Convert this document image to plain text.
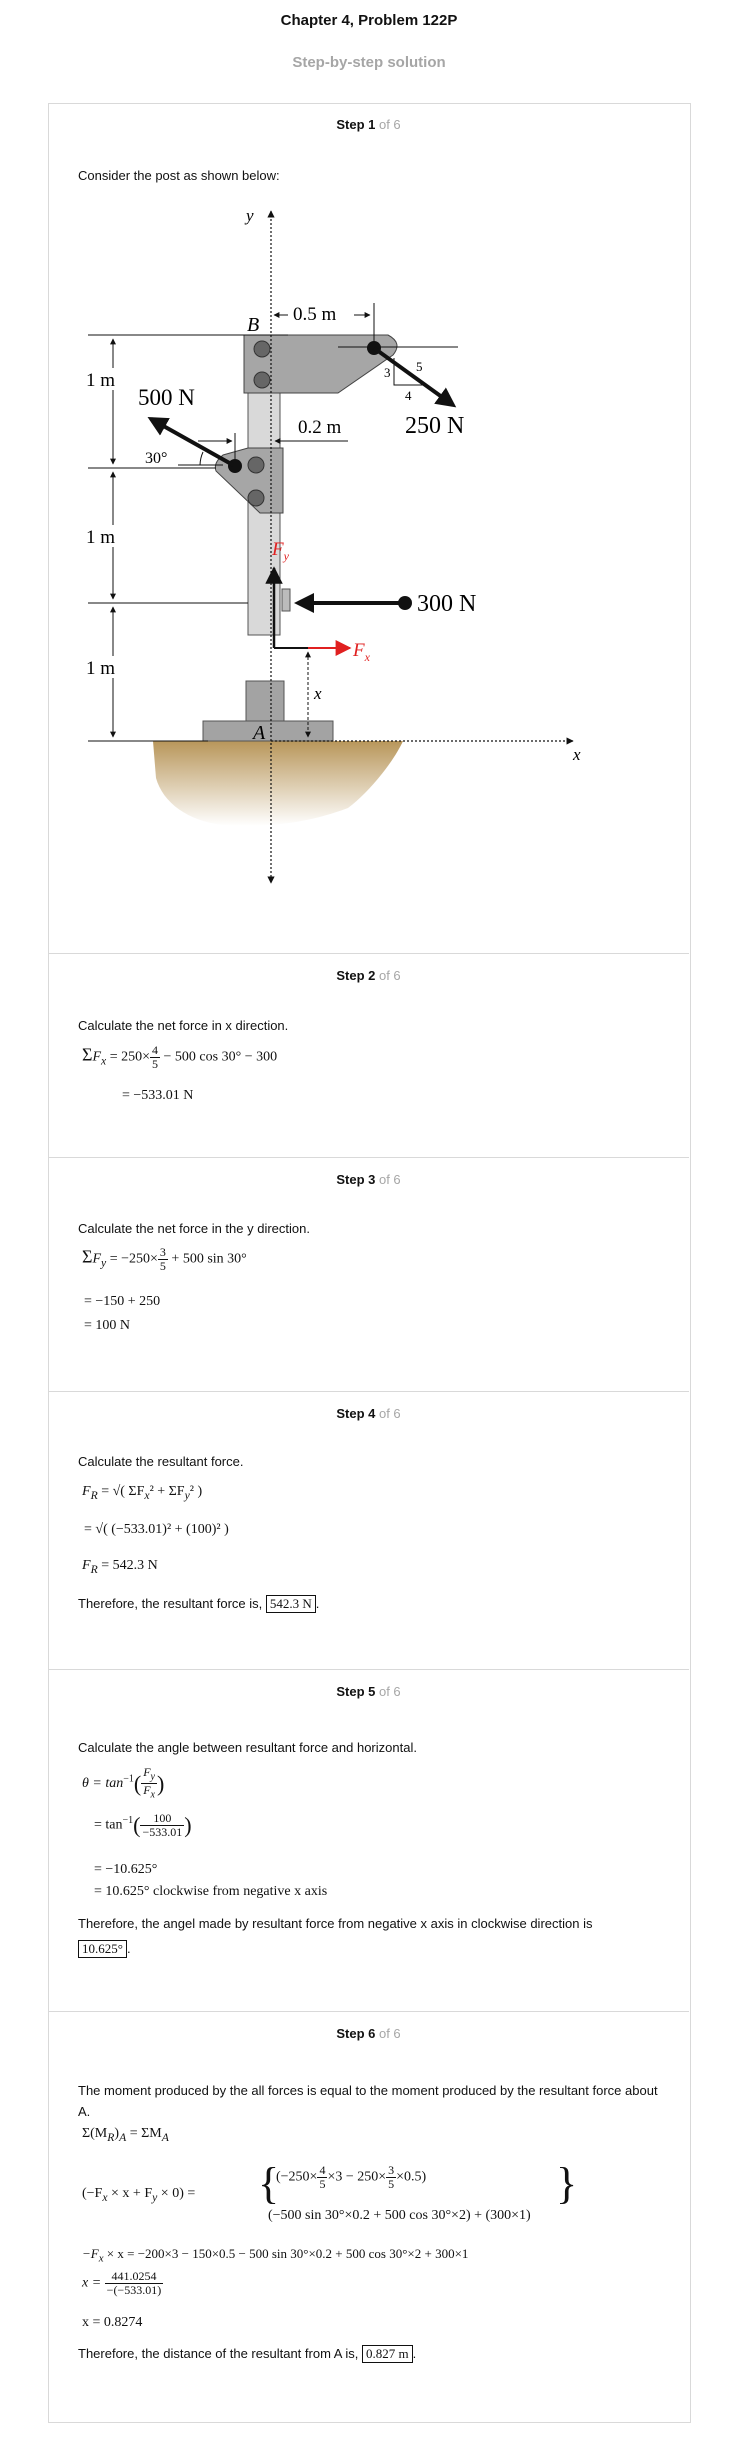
Chapter 4, Problem 122P
Step-by-step solution
Step 1 of 6
Consider the post as shown below:
y
x
B
A
1 m
1 m
1 m
0.5 m
0.2 m
500 N
30°
250 N
5
3
4
300 N
$F_y$
$F_x$
x
Step 2 of 6
Calculate the net force in x direction.
$\Sigma F_x = 250\times \frac{4}{5} - 500$ cos 30° − 300
= −533.01 N
Step 3 of 6
Calculate the net force in the y direction.
$\Sigma F_y = -250\times \frac{3}{5} + 500$ sin 30°
= −150 + 250
= 100 N
Step 4 of 6
Calculate the resultant force.
$F_R$ = √( $\Sigma F_x^2 + \Sigma F_y^2$ )
= √( (−533.01)² + (100)² )
$F_R = 542.3$ N
Therefore, the resultant force is, 542.3 N .
Step 5 of 6
Calculate the angle between resultant force and horizontal.
$\theta = \tan^{-1}( \frac{F_y}{F_x}$ )
= $\tan^{-1}( \frac{100}{-533.01}$ )
= −10.625°
= 10.625° clockwise from negative x axis
Therefore, the angel made by resultant force from negative x axis in clockwise direction is
10.625° .
Step 6 of 6
The moment produced by the all forces is equal to the moment produced by the resultant force about A.
$\Sigma(M_R)_A = \Sigma M_A$
$(-F_x \times x + F_y \times 0)$ = {
$(-250\times \frac{4}{5} \times 3 - 250\times \frac{3}{5} \times 0.5)$
(−500 sin 30°×0.2 + 500 cos 30°×2) + (300×1)
}
$-F_x \times x = -200\times 3 - 150\times 0.5 - 500$ sin 30°×0.2 + 500 cos 30°×2 + 300×1
$x = \frac{441.0254}{-(-533.01)}$
x = 0.8274
Therefore, the distance of the resultant from A is, 0.827 m .
